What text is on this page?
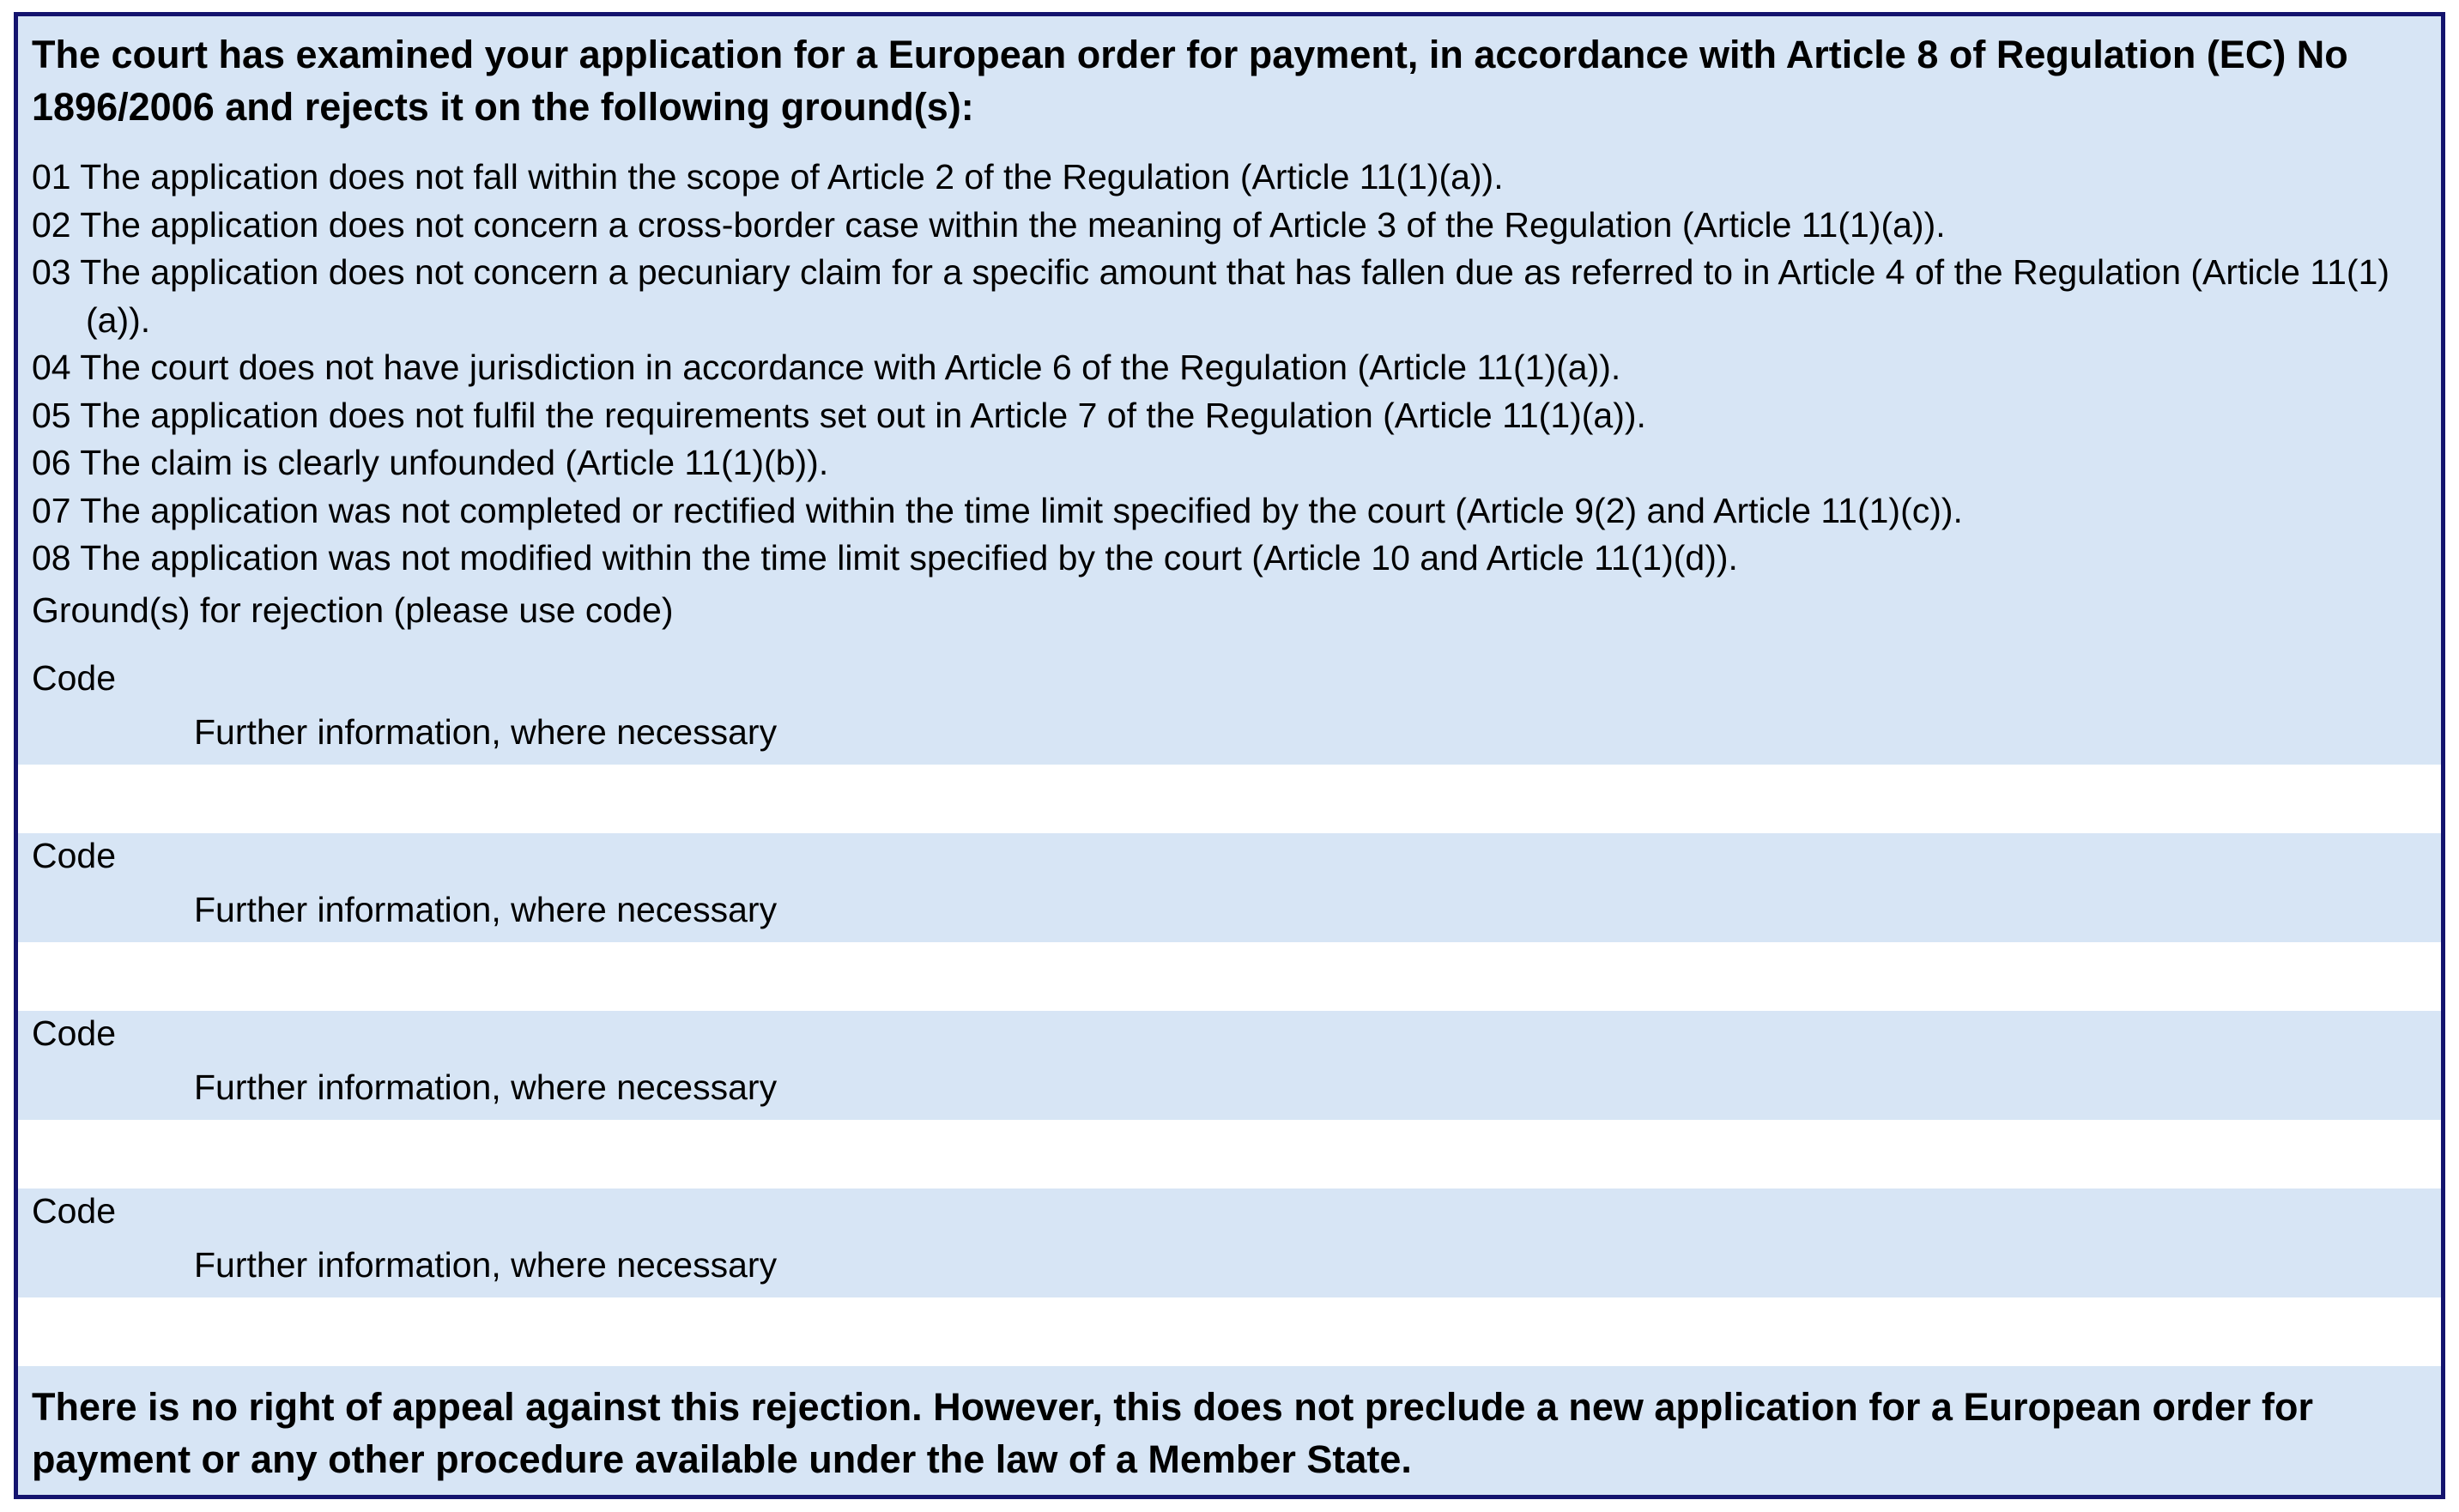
The court has examined your application for a European order for payment, in accordance with Article 8 of Regulation (EC) No 1896/2006 and rejects it on the following ground(s):

01 The application does not fall within the scope of Article 2 of the Regulation (Article 11(1)(a)).
02 The application does not concern a cross-border case within the meaning of Article 3 of the Regulation (Article 11(1)(a)).
03 The application does not concern a pecuniary claim for a specific amount that has fallen due as referred to in Article 4 of the Regulation (Article 11(1)(a)).
04 The court does not have jurisdiction in accordance with Article 6 of the Regulation (Article 11(1)(a)).
05 The application does not fulfil the requirements set out in Article 7 of the Regulation (Article 11(1)(a)).
06 The claim is clearly unfounded (Article 11(1)(b)).
07 The application was not completed or rectified within the time limit specified by the court (Article 9(2) and Article 11(1)(c)).
08 The application was not modified within the time limit specified by the court (Article 10 and Article 11(1)(d)).
Ground(s) for rejection (please use code)
Code
Further information, where necessary
Code
Further information, where necessary
Code
Further information, where necessary
Code
Further information, where necessary

There is no right of appeal against this rejection. However, this does not preclude a new application for a European order for payment or any other procedure available under the law of a Member State.
